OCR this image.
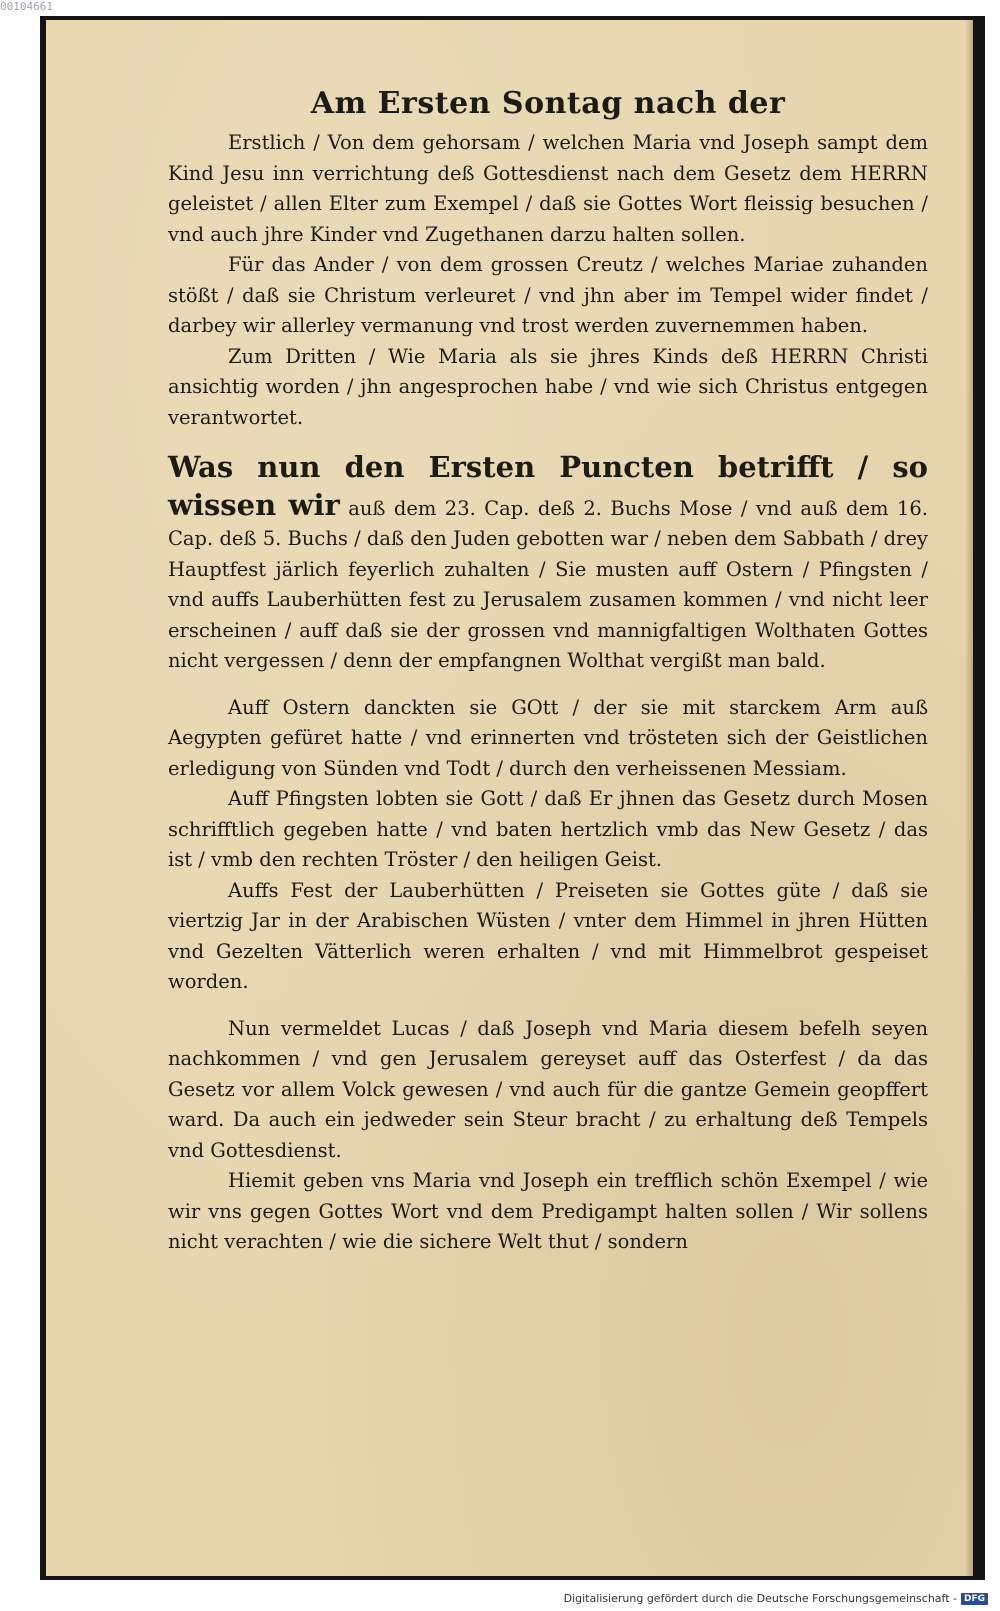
00104661
Am Ersten Sontag nach der

Erstlich / Von dem gehorsam / welchen Maria vnd Joseph sampt dem Kind Jesu inn verrichtung deß Gottesdienst nach dem Gesetz dem HERRN geleistet / allen Elter zum Exempel / daß sie Gottes Wort fleissig besuchen / vnd auch jhre Kinder vnd Zugethanen darzu halten sollen.

Für das Ander / von dem grossen Creutz / welches Mariae zuhanden stößt / daß sie Christum verleuret / vnd jhn aber im Tempel wider findet / darbey wir allerley vermanung vnd trost werden zuvernemmen haben.

Zum Dritten / Wie Maria als sie jhres Kinds deß HERRN Christi ansichtig worden / jhn angesprochen habe / vnd wie sich Christus entgegen verantwortet.

Was nun den Ersten Puncten betrifft / so wissen wir auß dem 23. Cap. deß 2. Buchs Mose / vnd auß dem 16. Cap. deß 5. Buchs / daß den Juden gebotten war / neben dem Sabbath / drey Hauptfest järlich feyerlich zuhalten / Sie musten auff Ostern / Pfingsten / vnd auffs Lauberhütten fest zu Jerusalem zusamen kommen / vnd nicht leer erscheinen / auff daß sie der grossen vnd mannigfaltigen Wolthaten Gottes nicht vergessen / denn der empfangnen Wolthat vergißt man bald.

Auff Ostern danckten sie GOtt / der sie mit starckem Arm auß Aegypten gefüret hatte / vnd erinnerten vnd trösteten sich der Geistlichen erledigung von Sünden vnd Todt / durch den verheissenen Messiam.

Auff Pfingsten lobten sie Gott / daß Er jhnen das Gesetz durch Mosen schrifftlich gegeben hatte / vnd baten hertzlich vmb das New Gesetz / das ist / vmb den rechten Tröster / den heiligen Geist.

Auffs Fest der Lauberhütten / Preiseten sie Gottes güte / daß sie viertzig Jar in der Arabischen Wüsten / vnter dem Himmel in jhren Hütten vnd Gezelten Vätterlich weren erhalten / vnd mit Himmelbrot gespeiset worden.

Nun vermeldet Lucas / daß Joseph vnd Maria diesem befelh seyen nachkommen / vnd gen Jerusalem gereyset auff das Osterfest / da das Gesetz vor allem Volck gewesen / vnd auch für die gantze Gemein geopffert ward. Da auch ein jedweder sein Steur bracht / zu erhaltung deß Tempels vnd Gottesdienst.

Hiemit geben vns Maria vnd Joseph ein trefflich schön Exempel / wie wir vns gegen Gottes Wort vnd dem Predigampt halten sollen / Wir sollens nicht verachten / wie die sichere Welt thut / sondern

Digitalisierung gefördert durch die Deutsche Forschungsgemeinschaft - DFG
